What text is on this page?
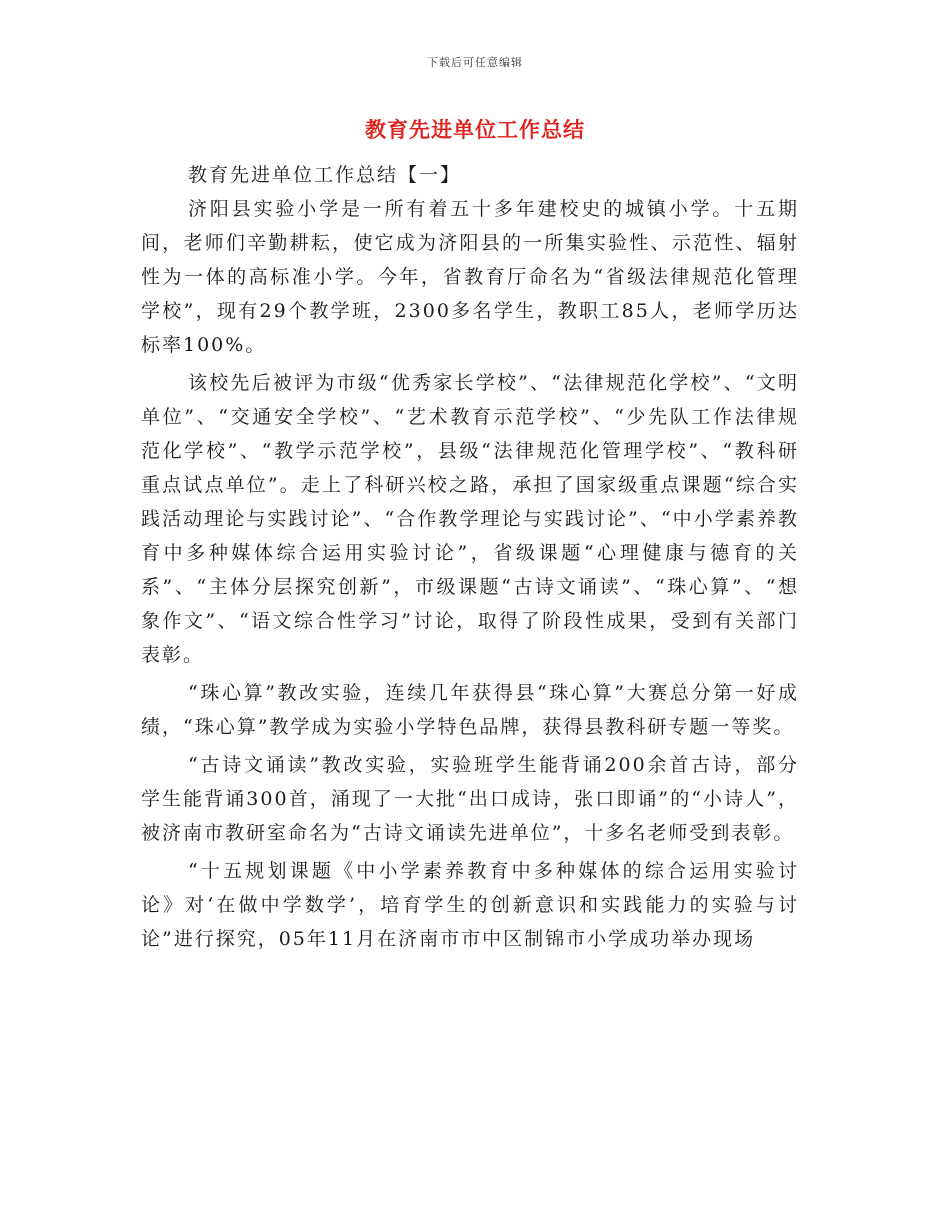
下载后可任意编辑
教育先进单位工作总结

教育先进单位工作总结【一】

济阳县实验小学是一所有着五十多年建校史的城镇小学。十五期间，老师们辛勤耕耘，使它成为济阳县的一所集实验性、示范性、辐射性为一体的高标准小学。今年，省教育厅命名为“省级法律规范化管理学校”，现有29个教学班，2300多名学生，教职工85人，老师学历达标率100%。

该校先后被评为市级“优秀家长学校”、“法律规范化学校”、“文明单位”、“交通安全学校”、“艺术教育示范学校”、“少先队工作法律规范化学校”、“教学示范学校”，县级“法律规范化管理学校”、“教科研重点试点单位”。走上了科研兴校之路，承担了国家级重点课题“综合实践活动理论与实践讨论”、“合作教学理论与实践讨论”、“中小学素养教育中多种媒体综合运用实验讨论”，省级课题“心理健康与德育的关系”、“主体分层探究创新”，市级课题“古诗文诵读”、“珠心算”、“想象作文”、“语文综合性学习”讨论，取得了阶段性成果，受到有关部门表彰。

“珠心算”教改实验，连续几年获得县“珠心算”大赛总分第一好成绩，“珠心算”教学成为实验小学特色品牌，获得县教科研专题一等奖。

“古诗文诵读”教改实验，实验班学生能背诵200余首古诗，部分学生能背诵300首，涌现了一大批“出口成诗，张口即诵”的“小诗人”，被济南市教研室命名为“古诗文诵读先进单位”，十多名老师受到表彰。

“十五规划课题《中小学素养教育中多种媒体的综合运用实验讨论》对‘在做中学数学’，培育学生的创新意识和实践能力的实验与讨论”进行探究，05年11月在济南市市中区制锦市小学成功举办现场
